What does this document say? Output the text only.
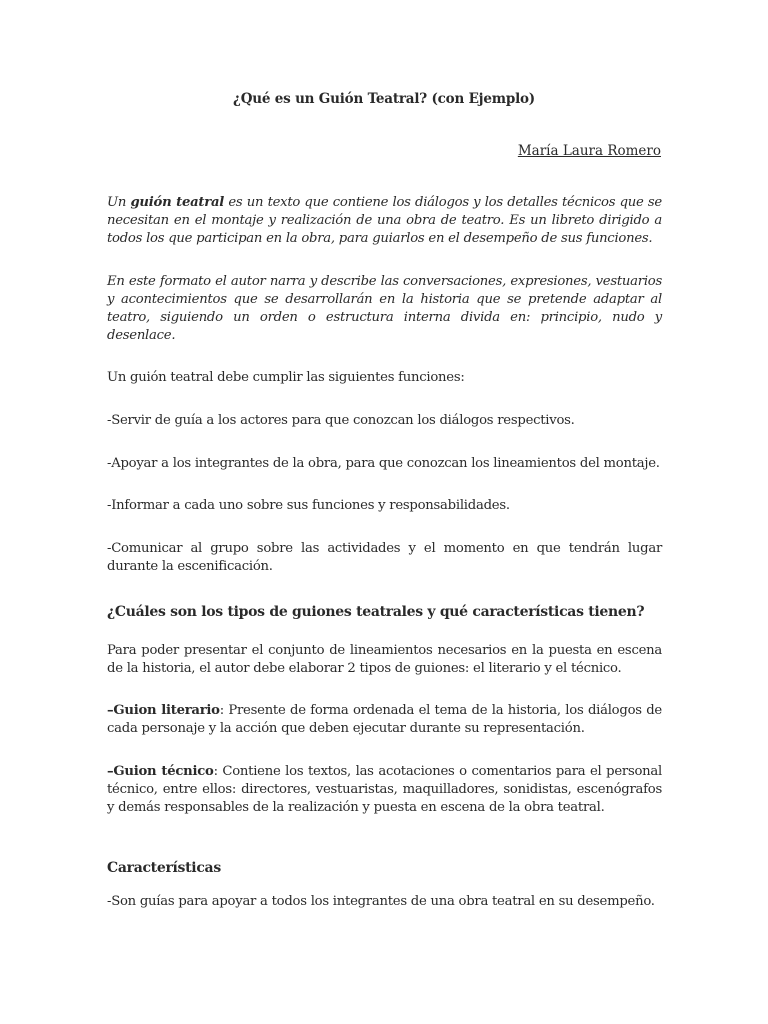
¿Qué es un Guión Teatral? (con Ejemplo)
María Laura Romero
Un guión teatral es un texto que contiene los diálogos y los detalles técnicos que se necesitan en el montaje y realización de una obra de teatro. Es un libreto dirigido a todos los que participan en la obra, para guiarlos en el desempeño de sus funciones.
En este formato el autor narra y describe las conversaciones, expresiones, vestuarios y acontecimientos que se desarrollarán en la historia que se pretende adaptar al teatro, siguiendo un orden o estructura interna divida en: principio, nudo y desenlace.
Un guión teatral debe cumplir las siguientes funciones:
-Servir de guía a los actores para que conozcan los diálogos respectivos.
-Apoyar a los integrantes de la obra, para que conozcan los lineamientos del montaje.
-Informar a cada uno sobre sus funciones y responsabilidades.
-Comunicar al grupo sobre las actividades y el momento en que tendrán lugar durante la escenificación.
¿Cuáles son los tipos de guiones teatrales y qué características tienen?
Para poder presentar el conjunto de lineamientos necesarios en la puesta en escena de la historia, el autor debe elaborar 2 tipos de guiones: el literario y el técnico.
–Guion literario: Presente de forma ordenada el tema de la historia, los diálogos de cada personaje y la acción que deben ejecutar durante su representación.
–Guion técnico: Contiene los textos, las acotaciones o comentarios para el personal técnico, entre ellos: directores, vestuaristas, maquilladores, sonidistas, escenógrafos y demás responsables de la realización y puesta en escena de la obra teatral.
Características
-Son guías para apoyar a todos los integrantes de una obra teatral en su desempeño.
